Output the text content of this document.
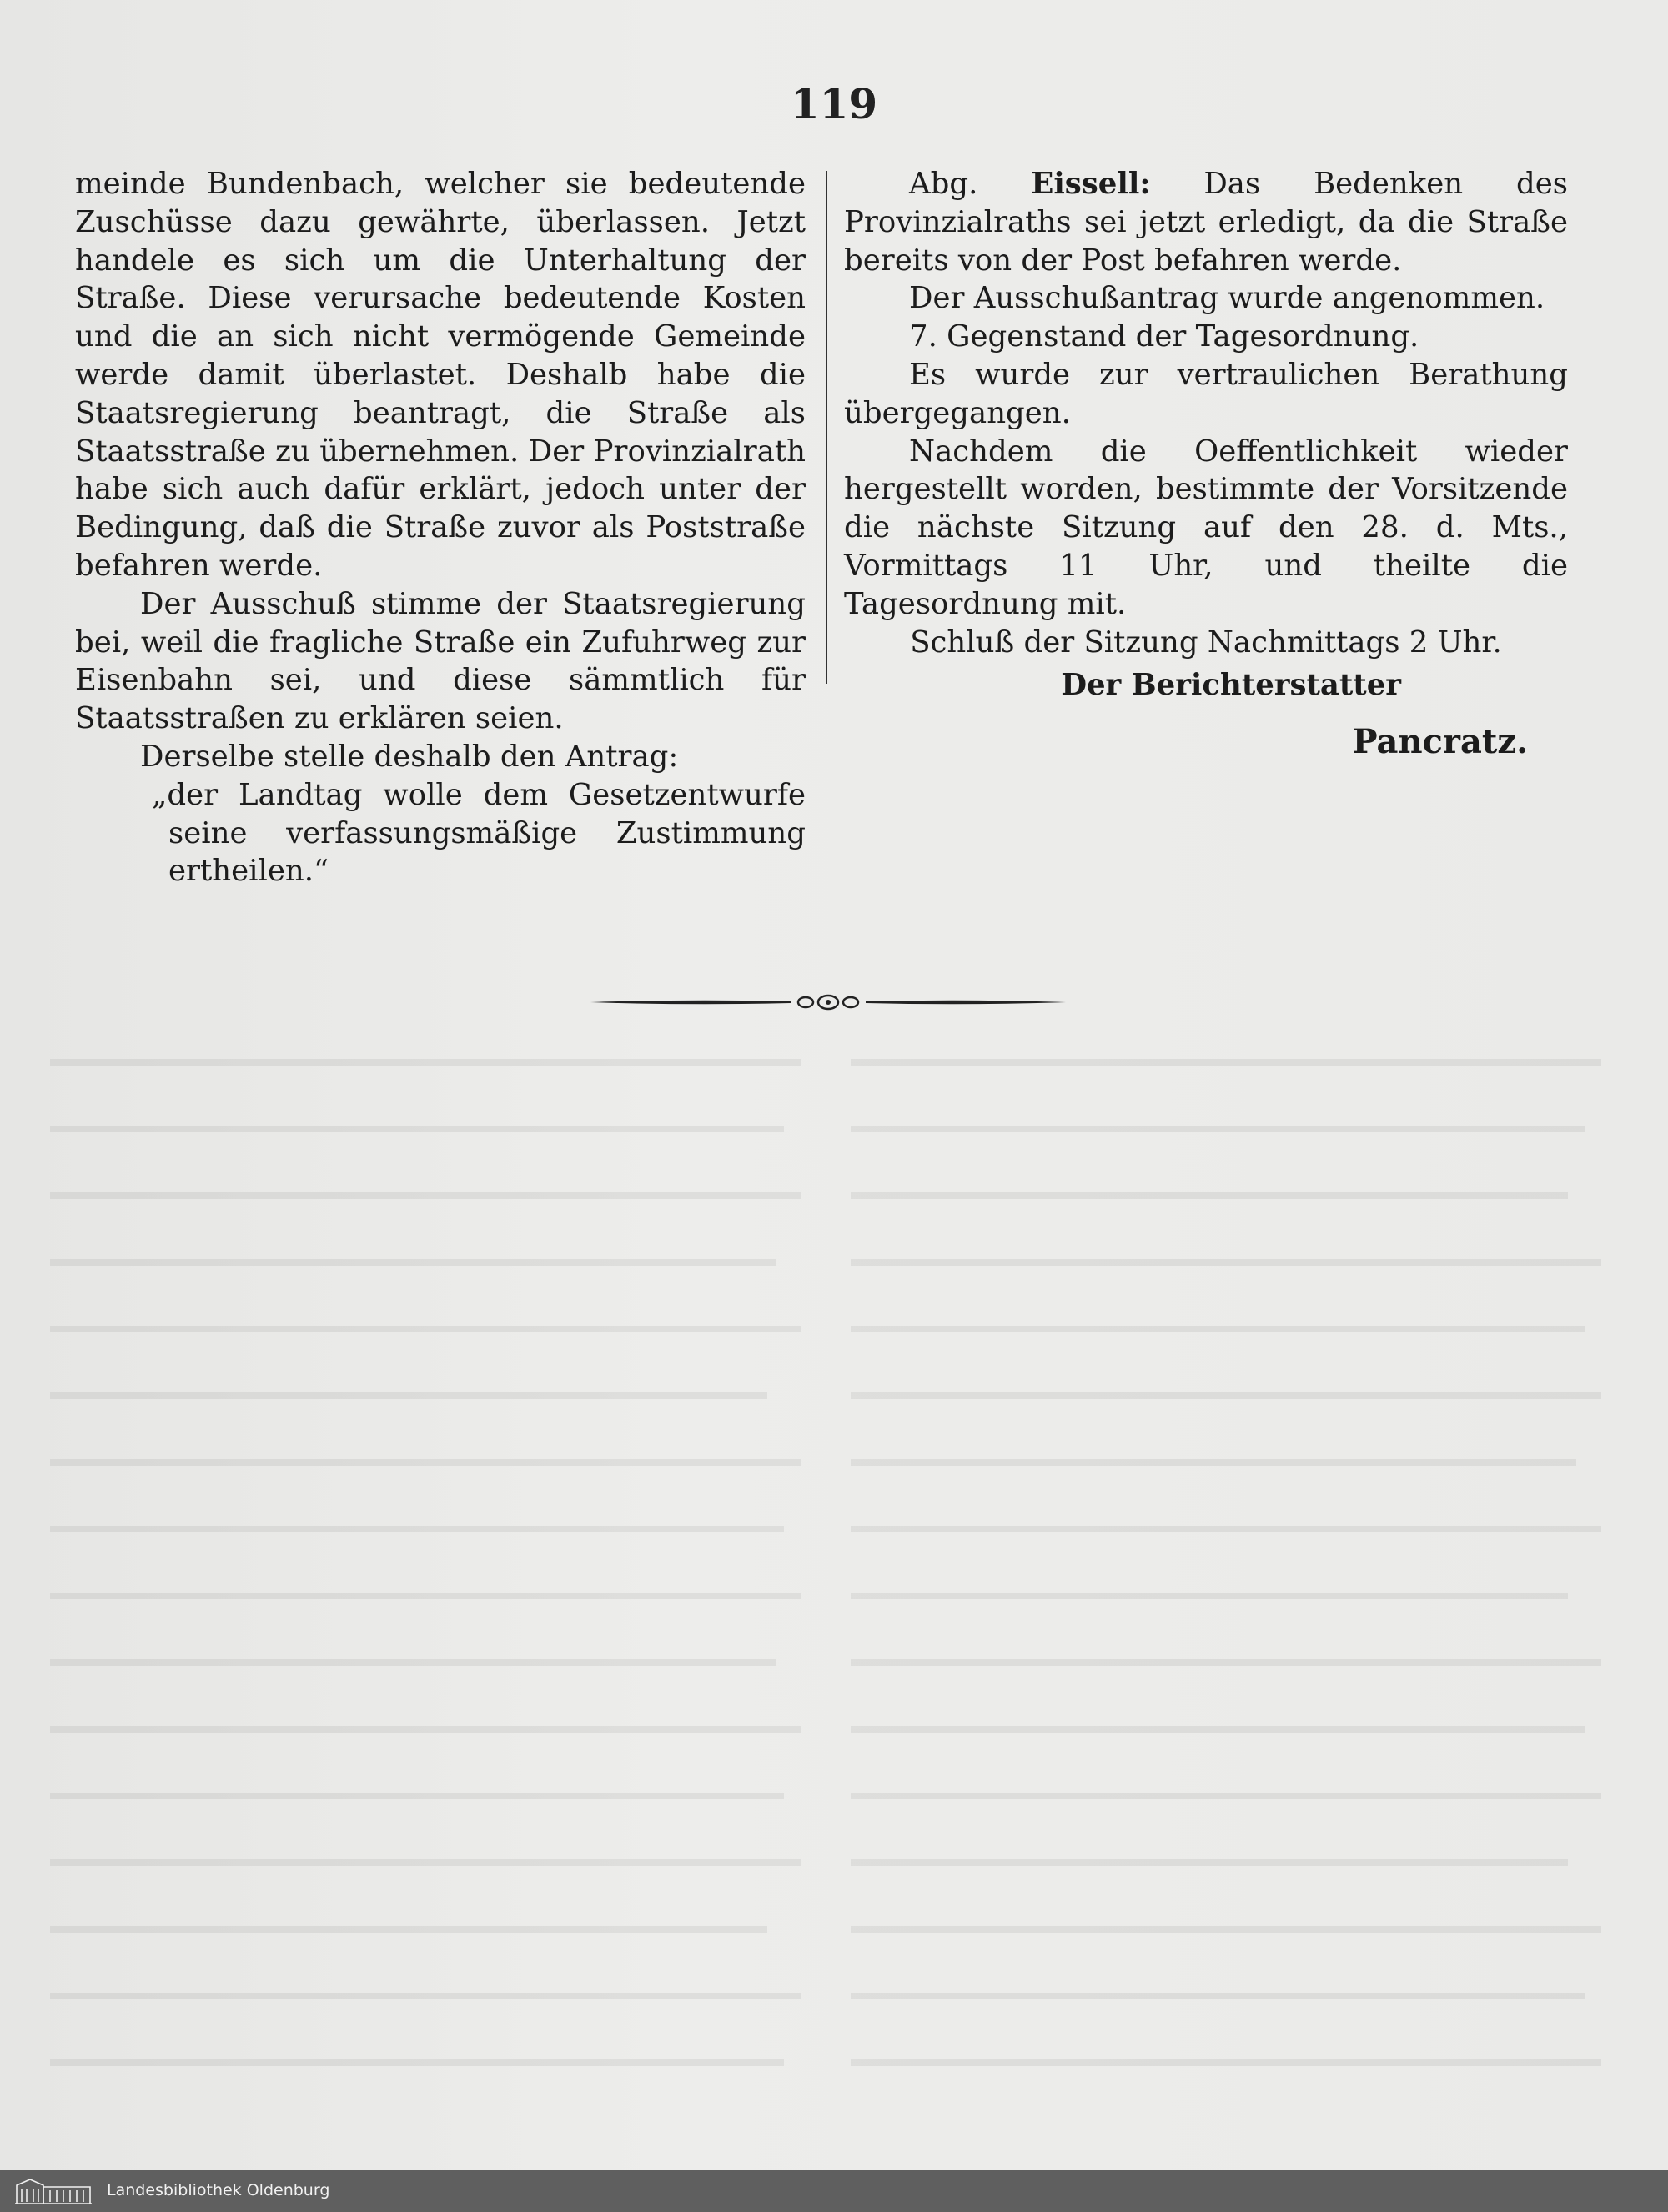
119

meinde Bundenbach, welcher sie bedeutende Zuschüsse dazu gewährte, überlassen. Jetzt handele es sich um die Unterhaltung der Straße. Diese verursache bedeutende Kosten und die an sich nicht vermögende Gemeinde werde damit überlastet. Deshalb habe die Staatsregierung beantragt, die Straße als Staatsstraße zu übernehmen. Der Provinzialrath habe sich auch dafür erklärt, jedoch unter der Bedingung, daß die Straße zuvor als Poststraße befahren werde.

Der Ausschuß stimme der Staatsregierung bei, weil die fragliche Straße ein Zufuhrweg zur Eisenbahn sei, und diese sämmtlich für Staatsstraßen zu erklären seien.

Derselbe stelle deshalb den Antrag:

„der Landtag wolle dem Gesetzentwurfe seine verfassungsmäßige Zustimmung ertheilen.“

Abg. Eissell: Das Bedenken des Provinzialraths sei jetzt erledigt, da die Straße bereits von der Post befahren werde.

Der Ausschußantrag wurde angenommen.

7. Gegenstand der Tagesordnung.

Es wurde zur vertraulichen Berathung übergegangen.

Nachdem die Oeffentlichkeit wieder hergestellt worden, bestimmte der Vorsitzende die nächste Sitzung auf den 28. d. Mts., Vormittags 11 Uhr, und theilte die Tagesordnung mit.

Schluß der Sitzung Nachmittags 2 Uhr.

Der Berichterstatter

Pancratz.

Landesbibliothek Oldenburg
